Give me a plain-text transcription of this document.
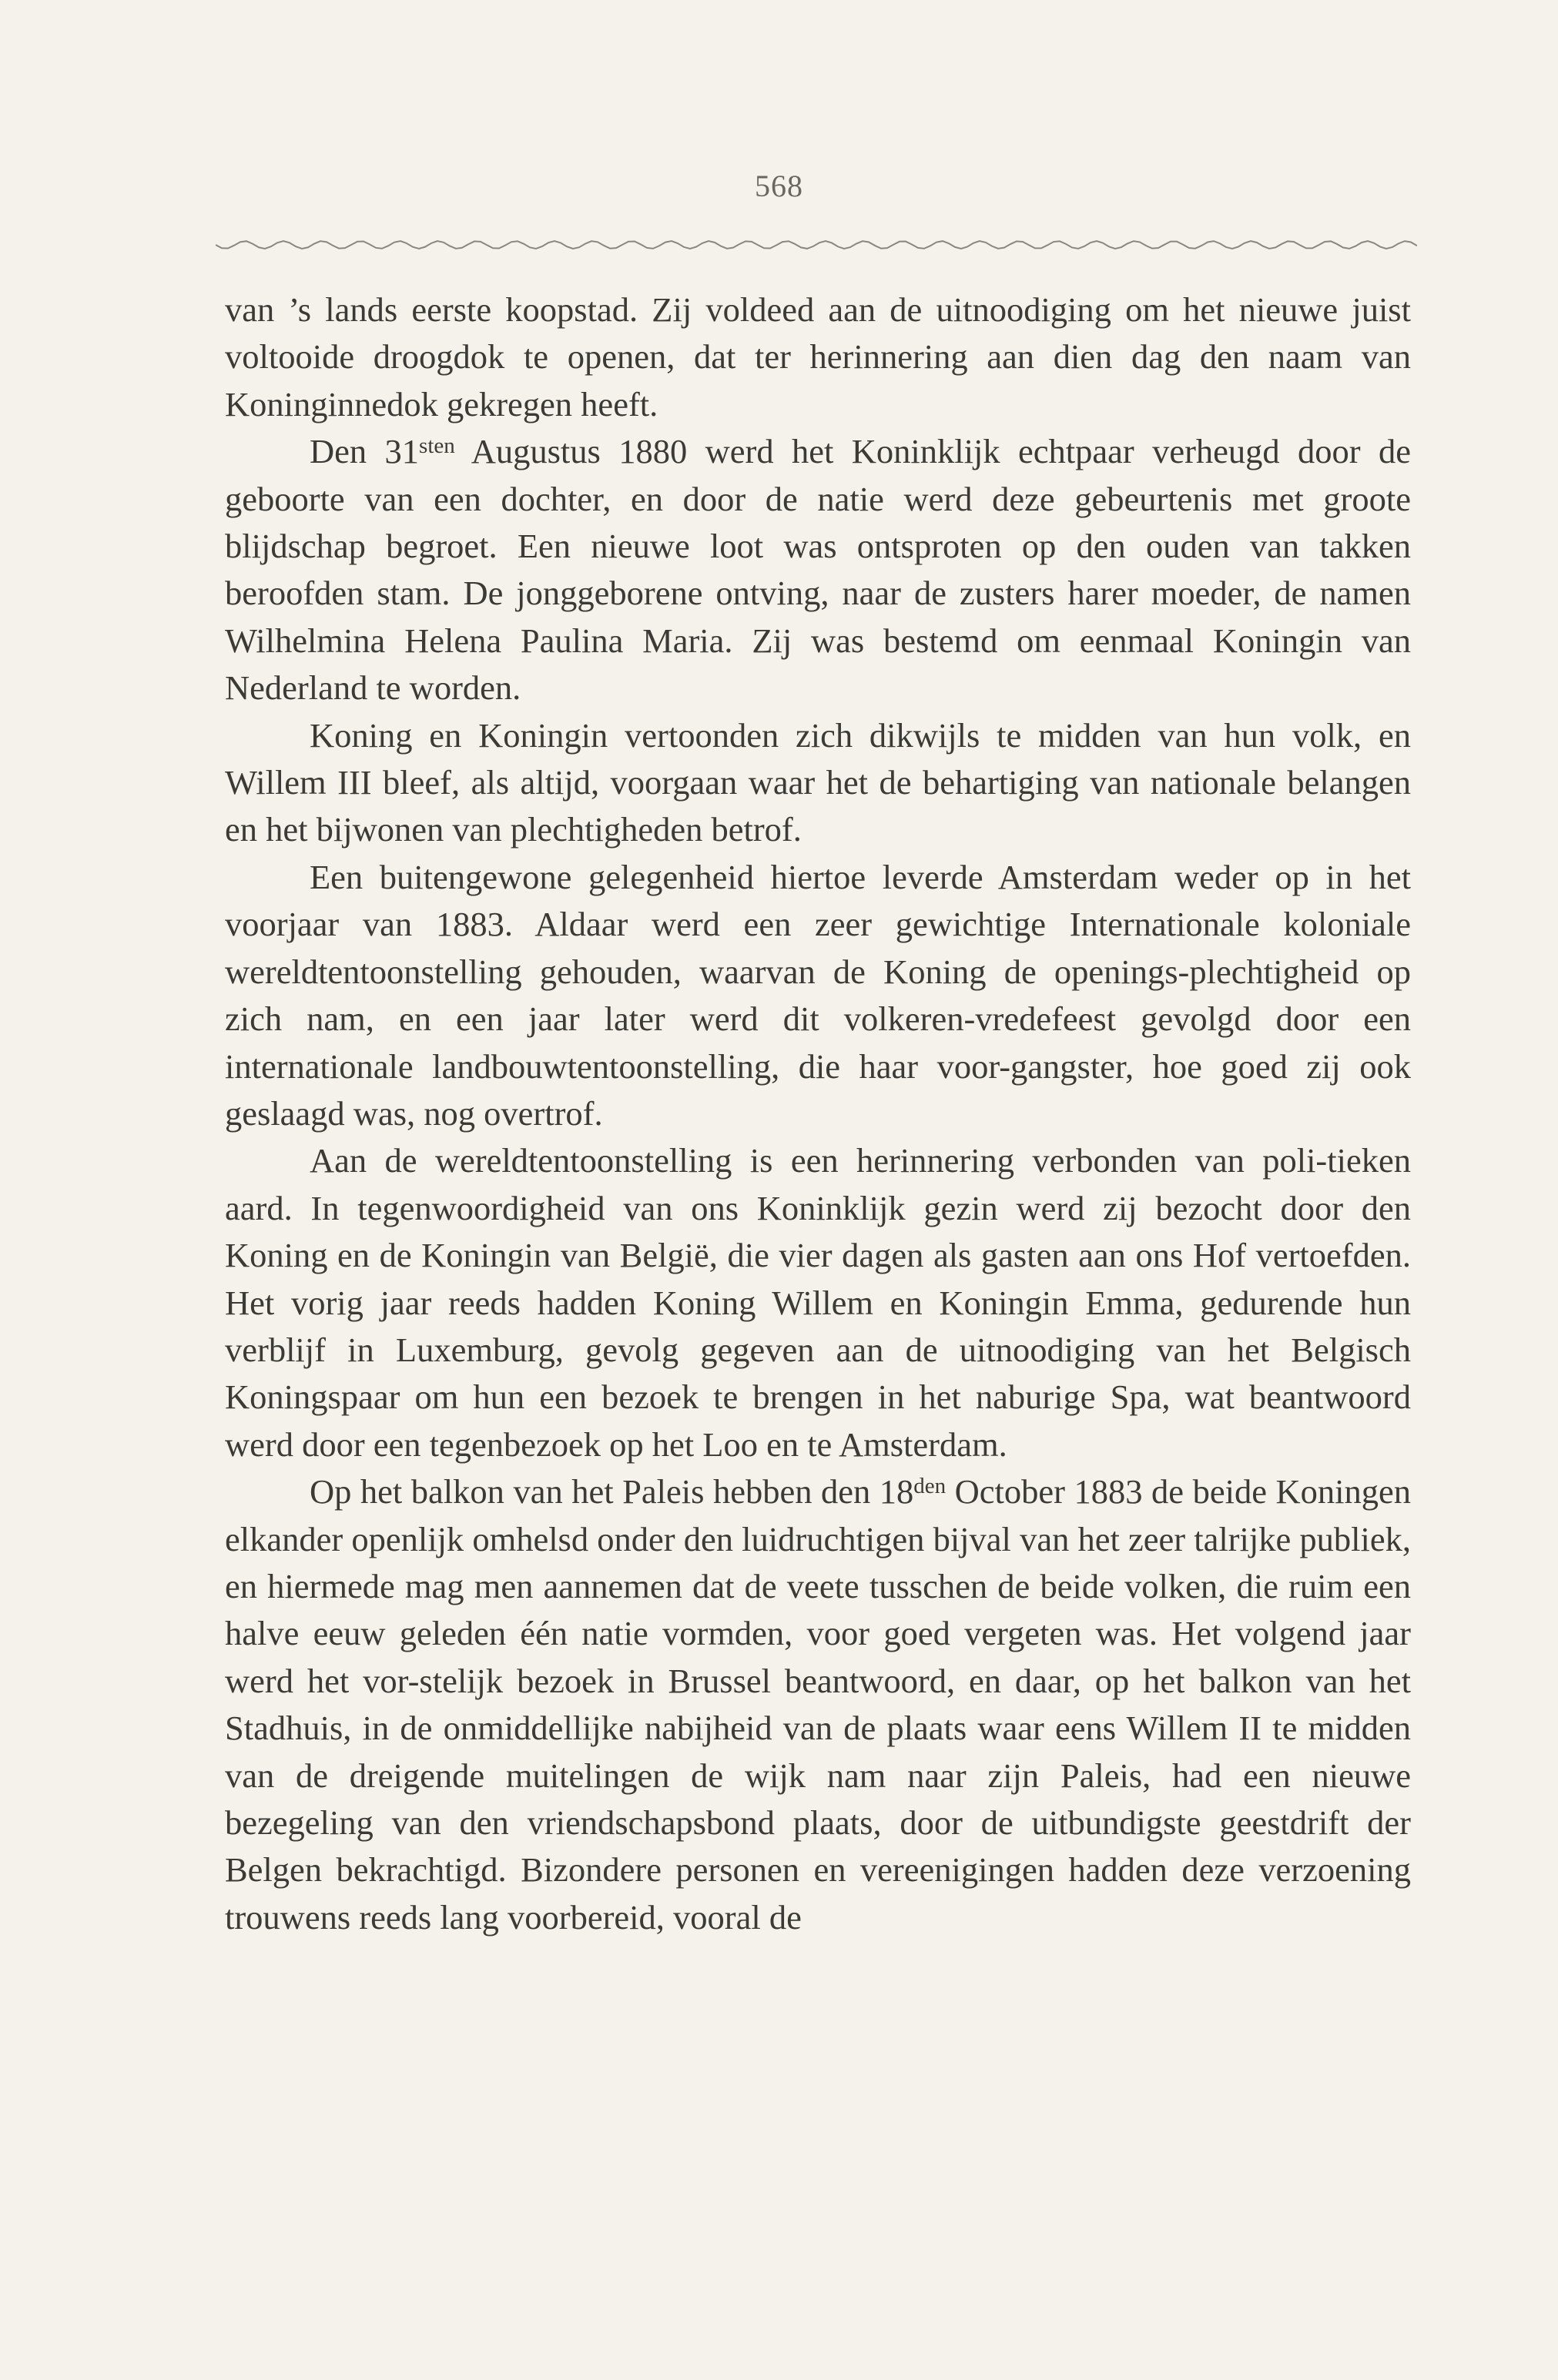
568

van ’s lands eerste koopstad. Zij voldeed aan de uitnoodiging om het nieuwe juist voltooide droogdok te openen, dat ter herinnering aan dien dag den naam van Koninginnedok gekregen heeft.

Den $31^{sten}$ Augustus 1880 werd het Koninklijk echtpaar verheugd door de geboorte van een dochter, en door de natie werd deze gebeurtenis met groote blijdschap begroet. Een nieuwe loot was ontsproten op den ouden van takken beroofden stam. De jonggeborene ontving, naar de zusters harer moeder, de namen Wilhelmina Helena Paulina Maria. Zij was bestemd om eenmaal Koningin van Nederland te worden.

Koning en Koningin vertoonden zich dikwijls te midden van hun volk, en Willem III bleef, als altijd, voorgaan waar het de behartiging van nationale belangen en het bijwonen van plechtigheden betrof.

Een buitengewone gelegenheid hiertoe leverde Amsterdam weder op in het voorjaar van 1883. Aldaar werd een zeer gewichtige Internationale koloniale wereldtentoonstelling gehouden, waarvan de Koning de openings-plechtigheid op zich nam, en een jaar later werd dit volkeren-vredefeest gevolgd door een internationale landbouwtentoonstelling, die haar voor-gangster, hoe goed zij ook geslaagd was, nog overtrof.

Aan de wereldtentoonstelling is een herinnering verbonden van poli-tieken aard. In tegenwoordigheid van ons Koninklijk gezin werd zij bezocht door den Koning en de Koningin van België, die vier dagen als gasten aan ons Hof vertoefden. Het vorig jaar reeds hadden Koning Willem en Koningin Emma, gedurende hun verblijf in Luxemburg, gevolg gegeven aan de uitnoodiging van het Belgisch Koningspaar om hun een bezoek te brengen in het naburige Spa, wat beantwoord werd door een tegenbezoek op het Loo en te Amsterdam.

Op het balkon van het Paleis hebben den $18^{den}$ October 1883 de beide Koningen elkander openlijk omhelsd onder den luidruchtigen bijval van het zeer talrijke publiek, en hiermede mag men aannemen dat de veete tusschen de beide volken, die ruim een halve eeuw geleden één natie vormden, voor goed vergeten was. Het volgend jaar werd het vor-stelijk bezoek in Brussel beantwoord, en daar, op het balkon van het Stadhuis, in de onmiddellijke nabijheid van de plaats waar eens Willem II te midden van de dreigende muitelingen de wijk nam naar zijn Paleis, had een nieuwe bezegeling van den vriendschapsbond plaats, door de uitbundigste geestdrift der Belgen bekrachtigd. Bizondere personen en vereenigingen hadden deze verzoening trouwens reeds lang voorbereid, vooral de
